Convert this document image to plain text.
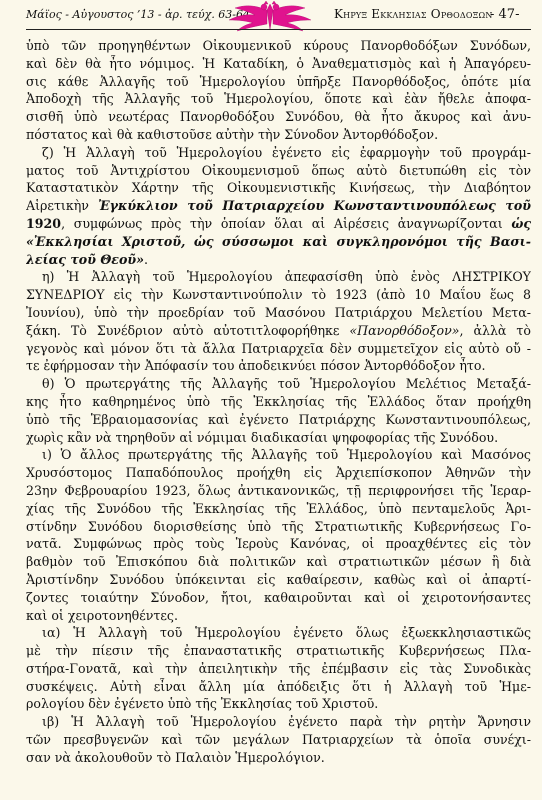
Μάϊος - Αὐγουστος ’13 - ἀρ. τεύχ. 63-64	Κηρυξ Εκκλησιας Ορθοδοξων
- 47-
ὑπὸ τῶν προηγηθέντων Οἰκουμενικοῦ κύρους Πανορθοδόξων Συνόδων,
καὶ δὲν θὰ ἦτο νόμιμος. Ἡ Καταδίκη, ὁ Ἀναθεματισμὸς καὶ ἡ Ἀπαγόρευ-
σις κάθε Ἀλλαγῆς τοῦ Ἡμερολογίου ὑπῆρξε Πανορθόδοξος, ὁπότε μία
Ἀποδοχὴ τῆς Ἀλλαγῆς τοῦ Ἡμερολογίου, ὅποτε καὶ ἐὰν ἤθελε ἀποφα-
σισθῆ ὑπὸ νεωτέρας Πανορθοδόξου Συνόδου, θὰ ἦτο ἄκυρος καὶ ἀνυ-
πόστατος καὶ θὰ καθιστοῦσε αὐτὴν τὴν Σύνοδον Ἀντορθόδοξον.
ζ) Ἡ Ἀλλαγὴ τοῦ Ἡμερολογίου ἐγένετο εἰς ἐφαρμογὴν τοῦ προγράμ-
ματος τοῦ Ἀντιχρίστου Οἰκουμενισμοῦ ὅπως αὐτὸ διετυπώθη εἰς τὸν
Καταστατικὸν Χάρτην τῆς Οἰκουμενιστικῆς Κινήσεως, τὴν Διαβόητον
Αἱρετικὴν Ἐγκύκλιον τοῦ Πατριαρχείου Κωνσταντινουπόλεως τοῦ
1920, συμφώνως πρὸς τὴν ὁποίαν ὅλαι αἱ Αἱρέσεις ἀναγνωρίζονται ὡς
«Ἐκκλησίαι Χριστοῦ, ὡς σύσσωμοι καὶ συγκληρονόμοι τῆς Βασι-
λείας τοῦ Θεοῦ».
η) Ἡ Ἀλλαγὴ τοῦ Ἡμερολογίου ἀπεφασίσθη ὑπὸ ἑνὸς ΛΗΣΤΡΙΚΟΥ
ΣΥΝΕΔΡΙΟΥ εἰς τὴν Κωνσταντινούπολιν τὸ 1923 (ἀπὸ 10 Μαΐου ἕως 8
Ἰουνίου), ὑπὸ τὴν προεδρίαν τοῦ Μασόνου Πατριάρχου Μελετίου Μετα-
ξάκη. Τὸ Συνέδριον αὐτὸ αὐτοτιτλοφορήθηκε «Πανορθόδοξον», ἀλλὰ τὸ
γεγονὸς καὶ μόνον ὅτι τὰ ἄλλα Πατριαρχεῖα δὲν συμμετεῖχον εἰς αὐτὸ οὔ -
τε ἐφήρμοσαν τὴν Ἀπόφασίν του ἀποδεικνύει πόσον Ἀντορθόδοξον ἦτο.
θ) Ὁ πρωτεργάτης τῆς Ἀλλαγῆς τοῦ Ἡμερολογίου Μελέτιος Μεταξά-
κης ἦτο καθηρημένος ὑπὸ τῆς Ἐκκλησίας τῆς Ἑλλάδος ὅταν προήχθη
ὑπὸ τῆς Ἑβραιομασονίας καὶ ἐγένετο Πατριάρχης Κωνσταντινουπόλεως,
χωρὶς κἂν νὰ τηρηθοῦν αἱ νόμιμαι διαδικασίαι ψηφοφορίας τῆς Συνόδου.
ι) Ὁ ἄλλος πρωτεργάτης τῆς Ἀλλαγῆς τοῦ Ἡμερολογίου καὶ Μασόνος
Χρυσόστομος Παπαδόπουλος προήχθη εἰς Ἀρχιεπίσκοπον Ἀθηνῶν τὴν
23ην Φεβρουαρίου 1923, ὅλως ἀντικανονικῶς, τῇ περιφρονήσει τῆς Ἱεραρ-
χίας τῆς Συνόδου τῆς Ἐκκλησίας τῆς Ἑλλάδος, ὑπὸ πενταμελοῦς Ἀρι-
στίνδην Συνόδου διορισθείσης ὑπὸ τῆς Στρατιωτικῆς Κυβερνήσεως Γο-
νατᾶ. Συμφώνως πρὸς τοὺς Ἱεροὺς Κανόνας, οἱ προαχθέντες εἰς τὸν
βαθμὸν τοῦ Ἐπισκόπου διὰ πολιτικῶν καὶ στρατιωτικῶν μέσων ἢ διὰ
Ἀριστίνδην Συνόδου ὑπόκεινται εἰς καθαίρεσιν, καθὼς καὶ οἱ ἀπαρτί-
ζοντες τοιαύτην Σύνοδον, ἤτοι, καθαιροῦνται καὶ οἱ χειροτονήσαντες
καὶ οἱ χειροτονηθέντες.
ια) Ἡ Ἀλλαγὴ τοῦ Ἡμερολογίου ἐγένετο ὅλως ἐξωεκκλησιαστικῶς
μὲ τὴν πίεσιν τῆς ἐπαναστατικῆς στρατιωτικῆς Κυβερνήσεως Πλα-
στήρα-Γονατᾶ, καὶ τὴν ἀπειλητικὴν τῆς ἐπέμβασιν εἰς τὰς Συνοδικὰς
συσκέψεις. Αὐτὴ εἶναι ἄλλη μία ἀπόδειξις ὅτι ἡ Ἀλλαγὴ τοῦ Ἡμε-
ρολογίου δὲν ἐγένετο ὑπὸ τῆς Ἐκκλησίας τοῦ Χριστοῦ.
ιβ) Ἡ Ἀλλαγὴ τοῦ Ἡμερολογίου ἐγένετο παρὰ τὴν ρητὴν Ἄρνησιν
τῶν πρεσβυγενῶν καὶ τῶν μεγάλων Πατριαρχείων τὰ ὁποῖα συνέχι-
σαν νὰ ἀκολουθοῦν τὸ Παλαιὸν Ἡμερολόγιον.
